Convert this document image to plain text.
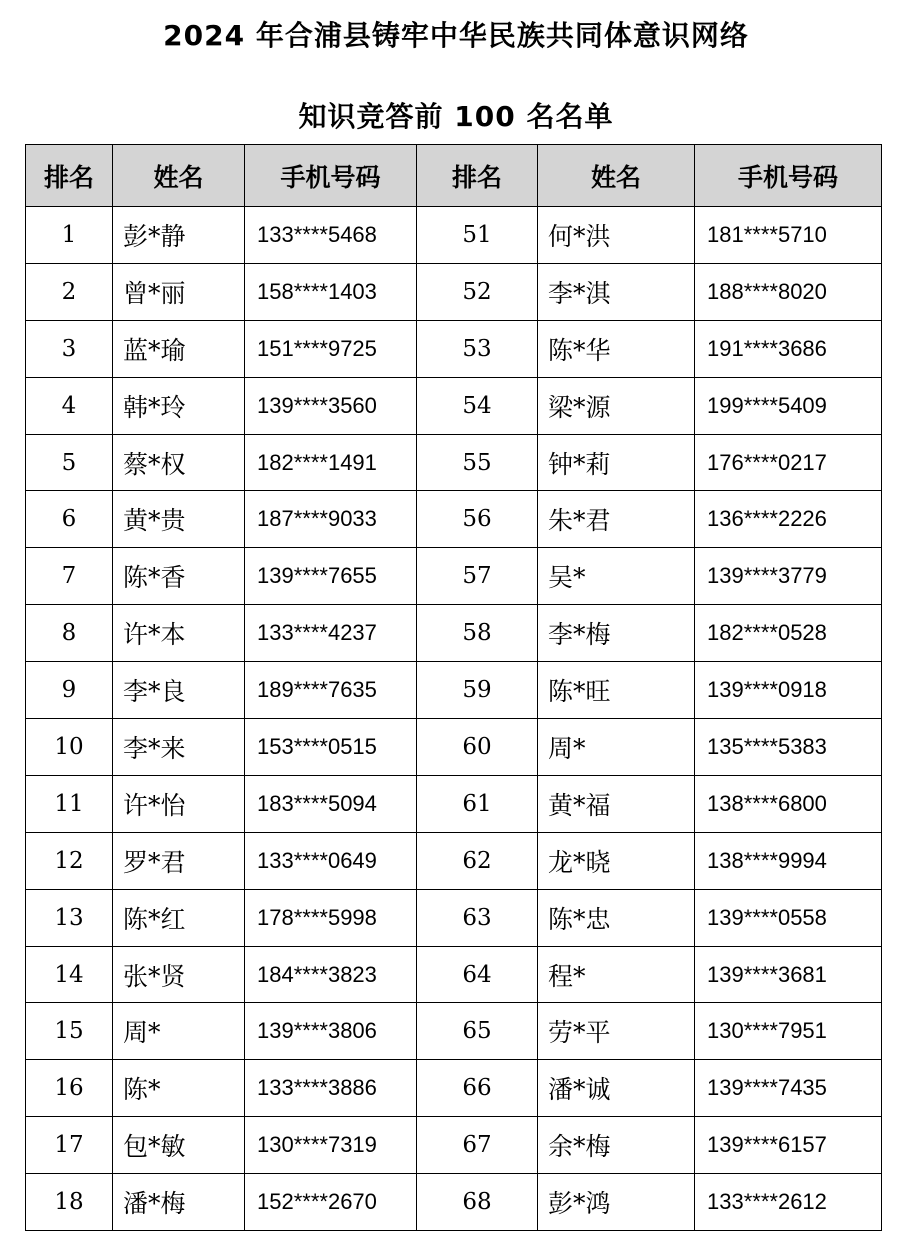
2024 年合浦县铸牢中华民族共同体意识网络
知识竞答前 100 名名单
排名	姓名	手机号码	排名	姓名	手机号码
1	彭*静	133****5468	51	何*洪	181****5710
2	曾*丽	158****1403	52	李*淇	188****8020
3	蓝*瑜	151****9725	53	陈*华	191****3686
4	韩*玲	139****3560	54	梁*源	199****5409
5	蔡*权	182****1491	55	钟*莉	176****0217
6	黄*贵	187****9033	56	朱*君	136****2226
7	陈*香	139****7655	57	吴*	139****3779
8	许*本	133****4237	58	李*梅	182****0528
9	李*良	189****7635	59	陈*旺	139****0918
10	李*来	153****0515	60	周*	135****5383
11	许*怡	183****5094	61	黄*福	138****6800
12	罗*君	133****0649	62	龙*晓	138****9994
13	陈*红	178****5998	63	陈*忠	139****0558
14	张*贤	184****3823	64	程*	139****3681
15	周*	139****3806	65	劳*平	130****7951
16	陈*	133****3886	66	潘*诚	139****7435
17	包*敏	130****7319	67	余*梅	139****6157
18	潘*梅	152****2670	68	彭*鸿	133****2612
